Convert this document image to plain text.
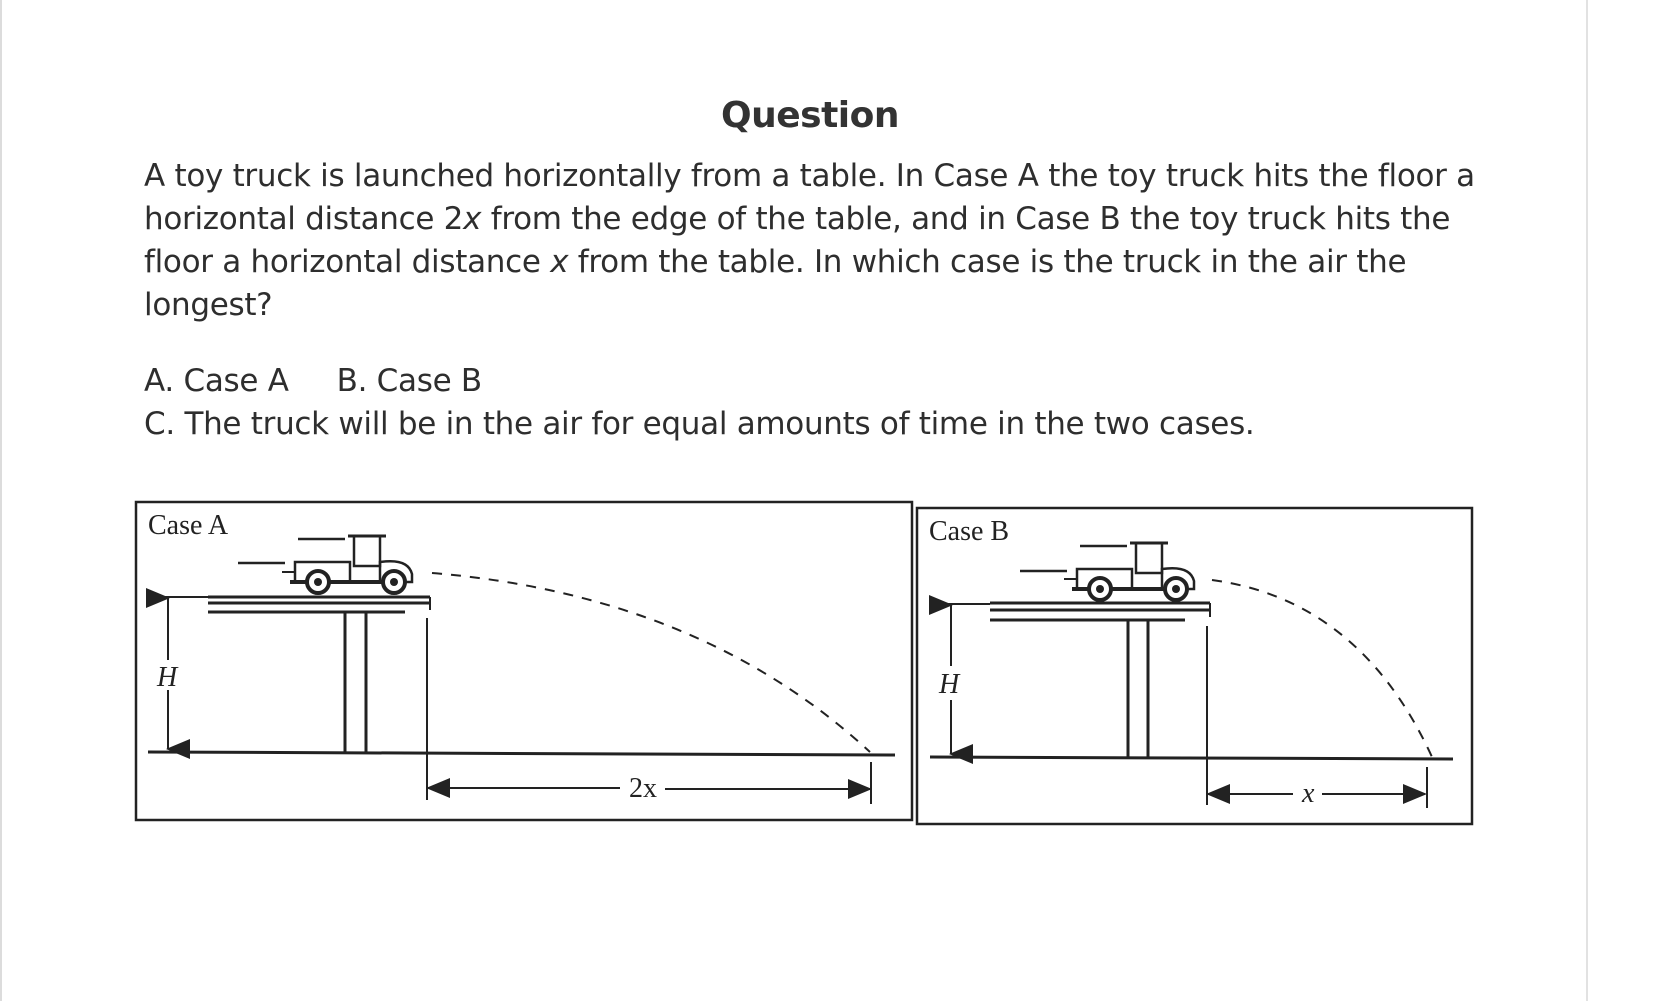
Question
A toy truck is launched horizontally from a table. In Case A the toy truck hits the floor a
horizontal distance 2x from the edge of the table, and in Case B the toy truck hits the
floor a horizontal distance x from the table. In which case is the truck in the air the
longest?
A. Case A B. Case B
C. The truck will be in the air for equal amounts of time in the two cases.
Case A
H
2x
Case B
H
x
